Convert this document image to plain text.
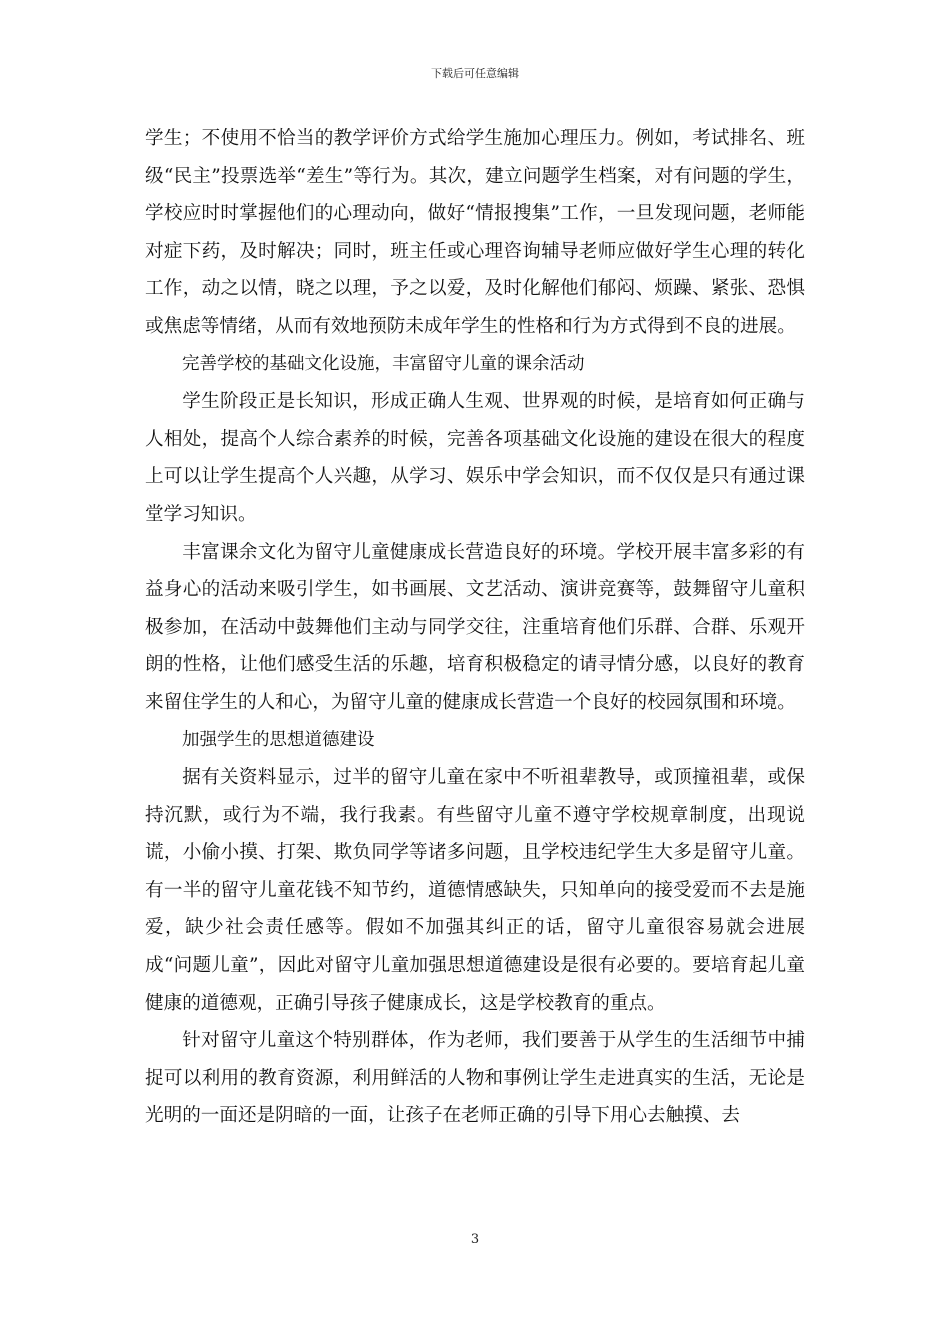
下载后可任意编辑

学生；不使用不恰当的教学评价方式给学生施加心理压力。例如，考试排名、班级“民主”投票选举“差生”等行为。其次，建立问题学生档案，对有问题的学生，学校应时时掌握他们的心理动向，做好“情报搜集”工作，一旦发现问题，老师能对症下药，及时解决；同时，班主任或心理咨询辅导老师应做好学生心理的转化工作，动之以情，晓之以理，予之以爱，及时化解他们郁闷、烦躁、紧张、恐惧或焦虑等情绪，从而有效地预防未成年学生的性格和行为方式得到不良的进展。

完善学校的基础文化设施，丰富留守儿童的课余活动

学生阶段正是长知识，形成正确人生观、世界观的时候，是培育如何正确与人相处，提高个人综合素养的时候，完善各项基础文化设施的建设在很大的程度上可以让学生提高个人兴趣，从学习、娱乐中学会知识，而不仅仅是只有通过课堂学习知识。

丰富课余文化为留守儿童健康成长营造良好的环境。学校开展丰富多彩的有益身心的活动来吸引学生，如书画展、文艺活动、演讲竞赛等，鼓舞留守儿童积极参加，在活动中鼓舞他们主动与同学交往，注重培育他们乐群、合群、乐观开朗的性格，让他们感受生活的乐趣，培育积极稳定的请寻情分感，以良好的教育来留住学生的人和心，为留守儿童的健康成长营造一个良好的校园氛围和环境。

加强学生的思想道德建设

据有关资料显示，过半的留守儿童在家中不听祖辈教导，或顶撞祖辈，或保持沉默，或行为不端，我行我素。有些留守儿童不遵守学校规章制度，出现说谎，小偷小摸、打架、欺负同学等诸多问题，且学校违纪学生大多是留守儿童。有一半的留守儿童花钱不知节约，道德情感缺失，只知单向的接受爱而不去是施爱，缺少社会责任感等。假如不加强其纠正的话，留守儿童很容易就会进展成“问题儿童”，因此对留守儿童加强思想道德建设是很有必要的。要培育起儿童健康的道德观，正确引导孩子健康成长，这是学校教育的重点。

针对留守儿童这个特别群体，作为老师，我们要善于从学生的生活细节中捕捉可以利用的教育资源，利用鲜活的人物和事例让学生走进真实的生活，无论是光明的一面还是阴暗的一面，让孩子在老师正确的引导下用心去触摸、去

3
